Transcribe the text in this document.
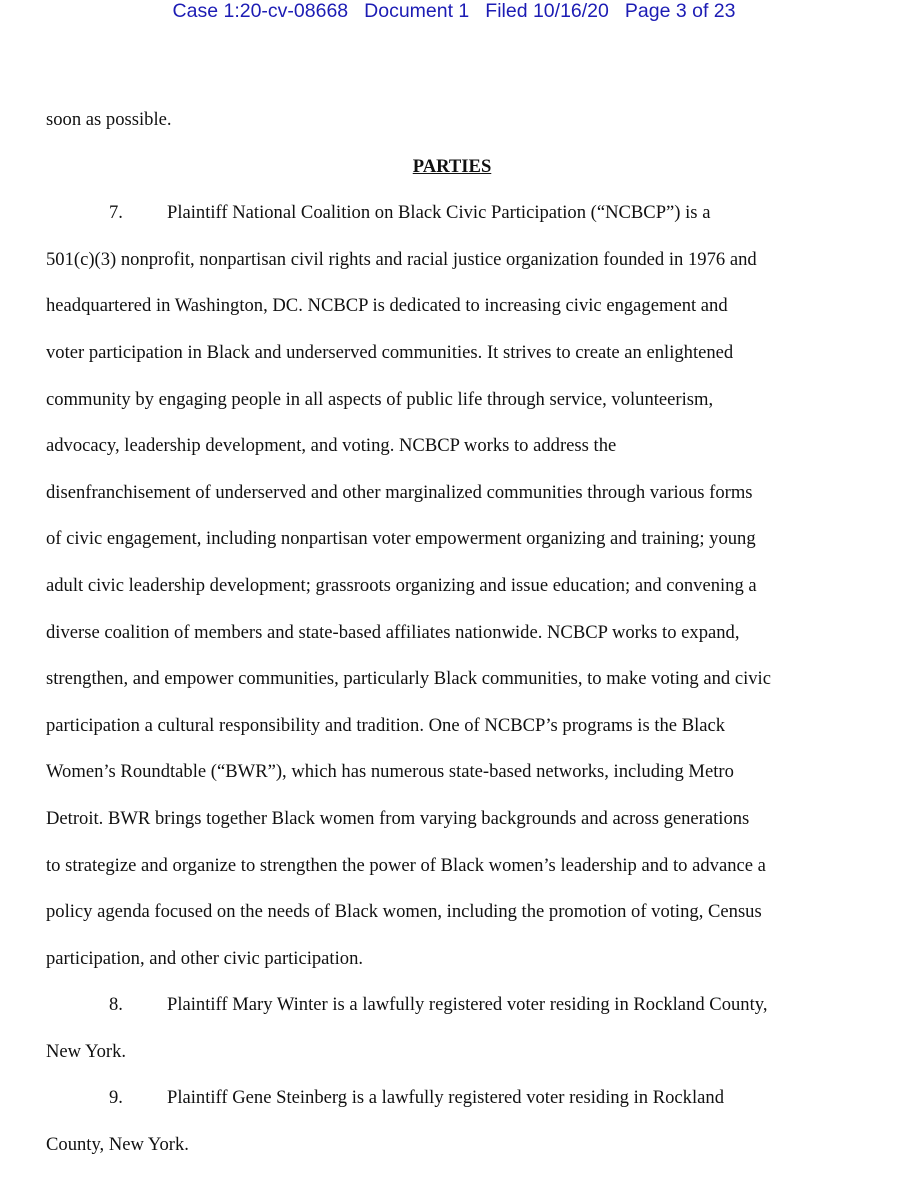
Case 1:20-cv-08668 Document 1 Filed 10/16/20 Page 3 of 23
soon as possible.
PARTIES
7. Plaintiff National Coalition on Black Civic Participation (“NCBCP”) is a
501(c)(3) nonprofit, nonpartisan civil rights and racial justice organization founded in 1976 and
headquartered in Washington, DC. NCBCP is dedicated to increasing civic engagement and
voter participation in Black and underserved communities. It strives to create an enlightened
community by engaging people in all aspects of public life through service, volunteerism,
advocacy, leadership development, and voting. NCBCP works to address the
disenfranchisement of underserved and other marginalized communities through various forms
of civic engagement, including nonpartisan voter empowerment organizing and training; young
adult civic leadership development; grassroots organizing and issue education; and convening a
diverse coalition of members and state-based affiliates nationwide. NCBCP works to expand,
strengthen, and empower communities, particularly Black communities, to make voting and civic
participation a cultural responsibility and tradition. One of NCBCP’s programs is the Black
Women’s Roundtable (“BWR”), which has numerous state-based networks, including Metro
Detroit. BWR brings together Black women from varying backgrounds and across generations
to strategize and organize to strengthen the power of Black women’s leadership and to advance a
policy agenda focused on the needs of Black women, including the promotion of voting, Census
participation, and other civic participation.
8. Plaintiff Mary Winter is a lawfully registered voter residing in Rockland County,
New York.
9. Plaintiff Gene Steinberg is a lawfully registered voter residing in Rockland
County, New York.
